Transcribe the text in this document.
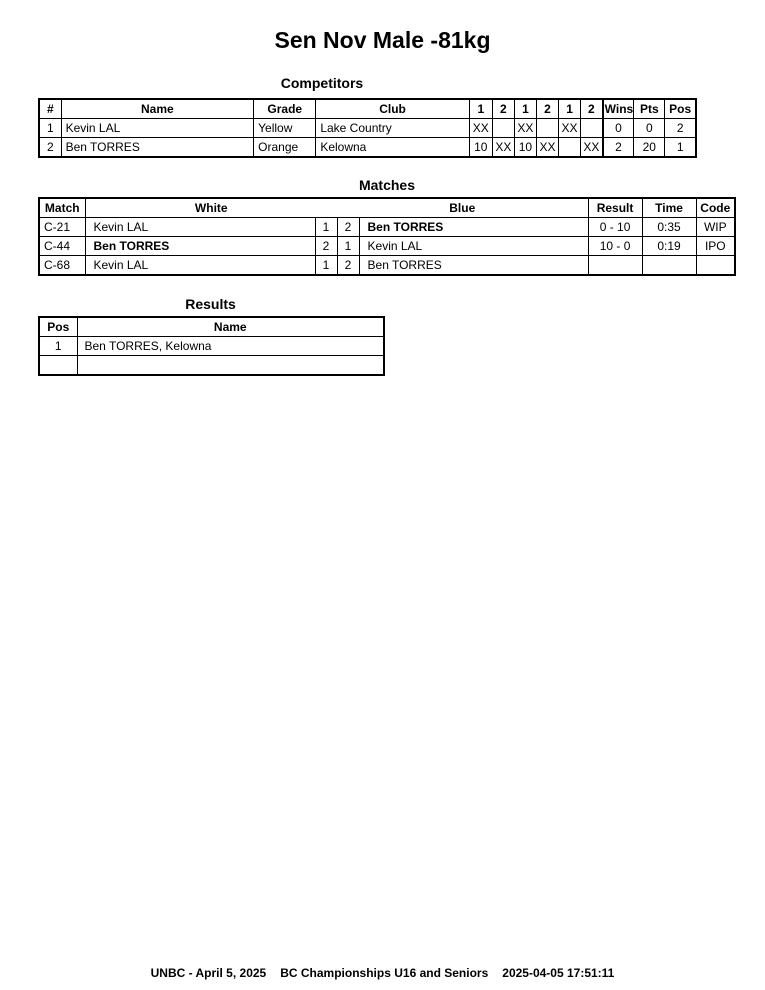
Sen Nov Male -81kg
Competitors
#	Name	Grade	Club	1	2	1	2	1	2	Wins	Pts	Pos
1	Kevin LAL	Yellow	Lake Country	XX		XX		XX		0	0	2
2	Ben TORRES	Orange	Kelowna	10	XX	10	XX		XX	2	20	1
Matches
Match	White		Blue		Result	Time	Code
C-21	Kevin LAL	1	2	Ben TORRES	0 - 10	0:35	WIP
C-44	Ben TORRES	2	1	Kevin LAL	10 - 0	0:19	IPO
C-68	Kevin LAL	1	2	Ben TORRES			
Results
Pos	Name
1	Ben TORRES, Kelowna

UNBC - April 5, 2025 BC Championships U16 and Seniors 2025-04-05 17:51:11
